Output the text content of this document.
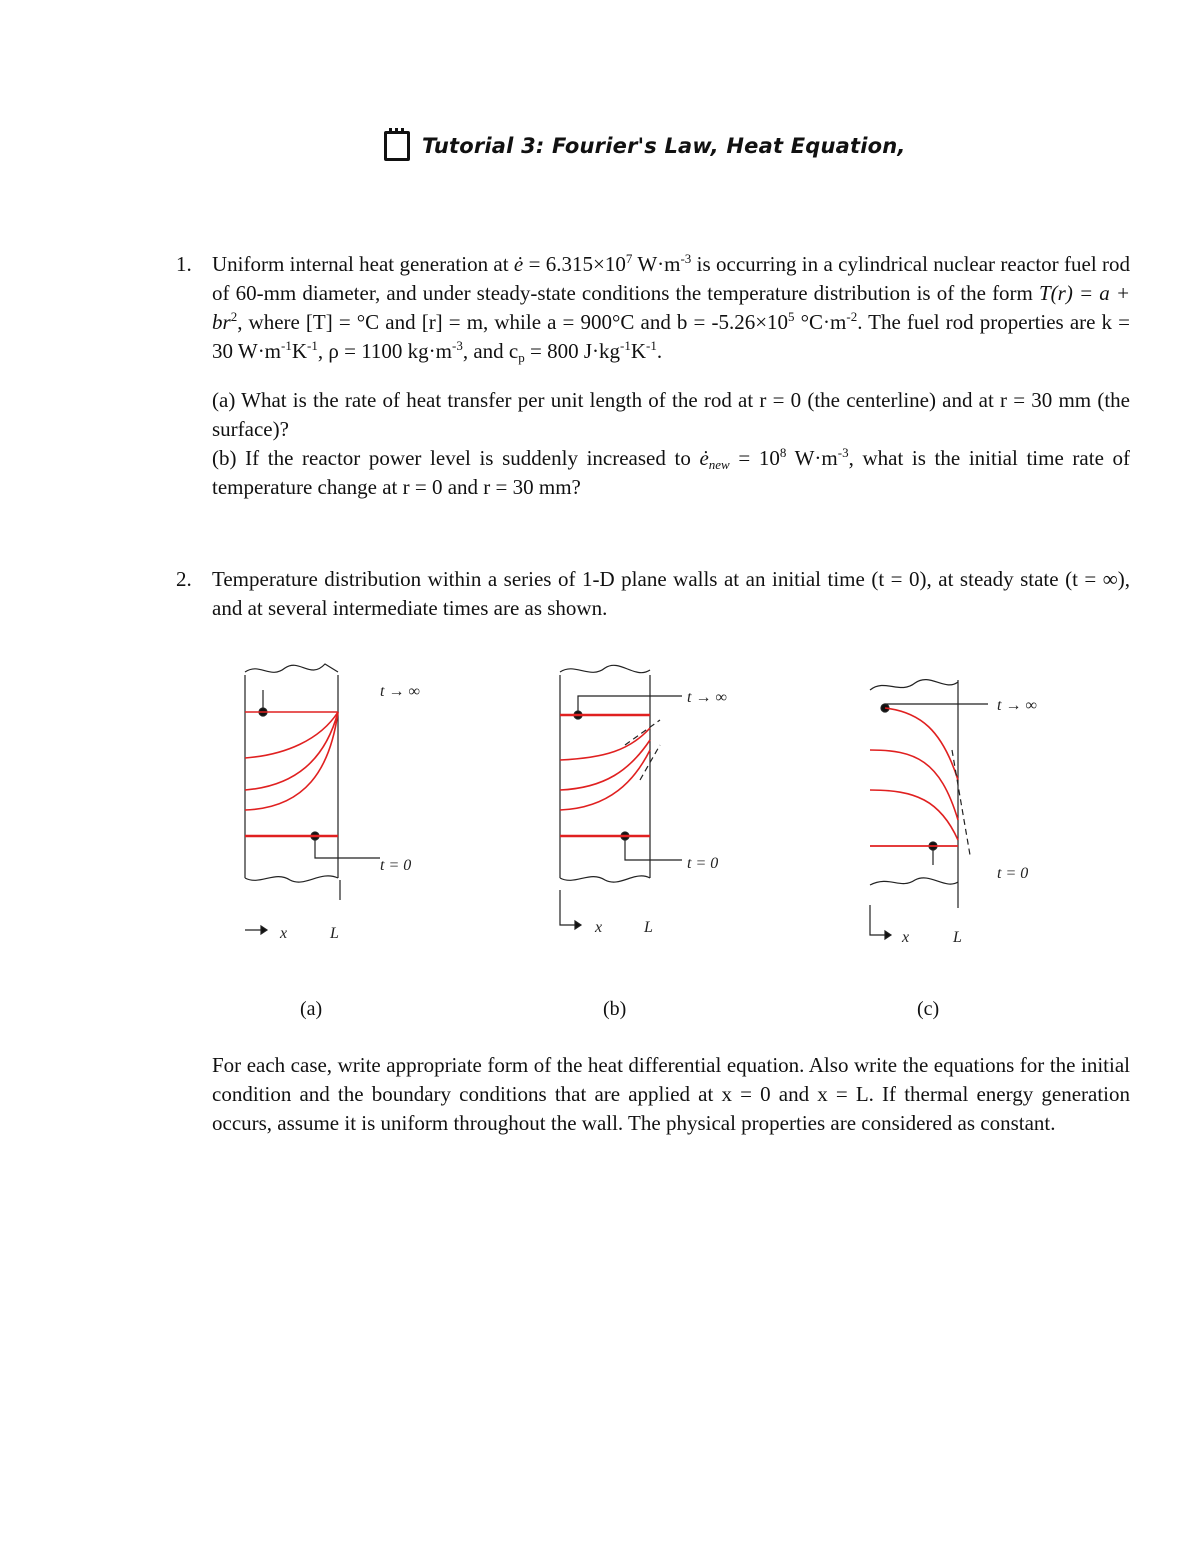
Tutorial 3: Fourier's Law, Heat Equation,
1. Uniform internal heat generation at ė = $6.315\times 10^7$ $W\cdot m^{-3}$ is occurring in a cylindrical nuclear reactor fuel rod of 60-mm diameter, and under steady-state conditions the temperature distribution is of the form $T(r) = a + br^2$, where [T] = °C and [r] = m, while a = 900°C and $b = -5.26\times 10^5$ $^\circ C\cdot m^{-2}$. The fuel rod properties are k = 30 $W\cdot m^{-1}K^{-1}$, ρ = 1100 $kg\cdot m^{-3}$, and $c_p = 800$ $J\cdot kg^{-1}K^{-1}$.

(a) What is the rate of heat transfer per unit length of the rod at r = 0 (the centerline) and at r = 30 mm (the surface)?

(b) If the reactor power level is suddenly increased to $ė_{new} = 10^8$ $W\cdot m^{-3}$, what is the initial time rate of temperature change at r = 0 and r = 30 mm?

2. Temperature distribution within a series of 1-D plane walls at an initial time (t = 0), at steady state (t = ∞), and at several intermediate times are as shown.

t → ∞
t = 0
x	L
t → ∞
t = 0
x	L
t → ∞
t = 0
x	L
(a)	(b)	(c)

For each case, write appropriate form of the heat differential equation. Also write the equations for the initial condition and the boundary conditions that are applied at x = 0 and x = L. If thermal energy generation occurs, assume it is uniform throughout the wall. The physical properties are considered as constant.
